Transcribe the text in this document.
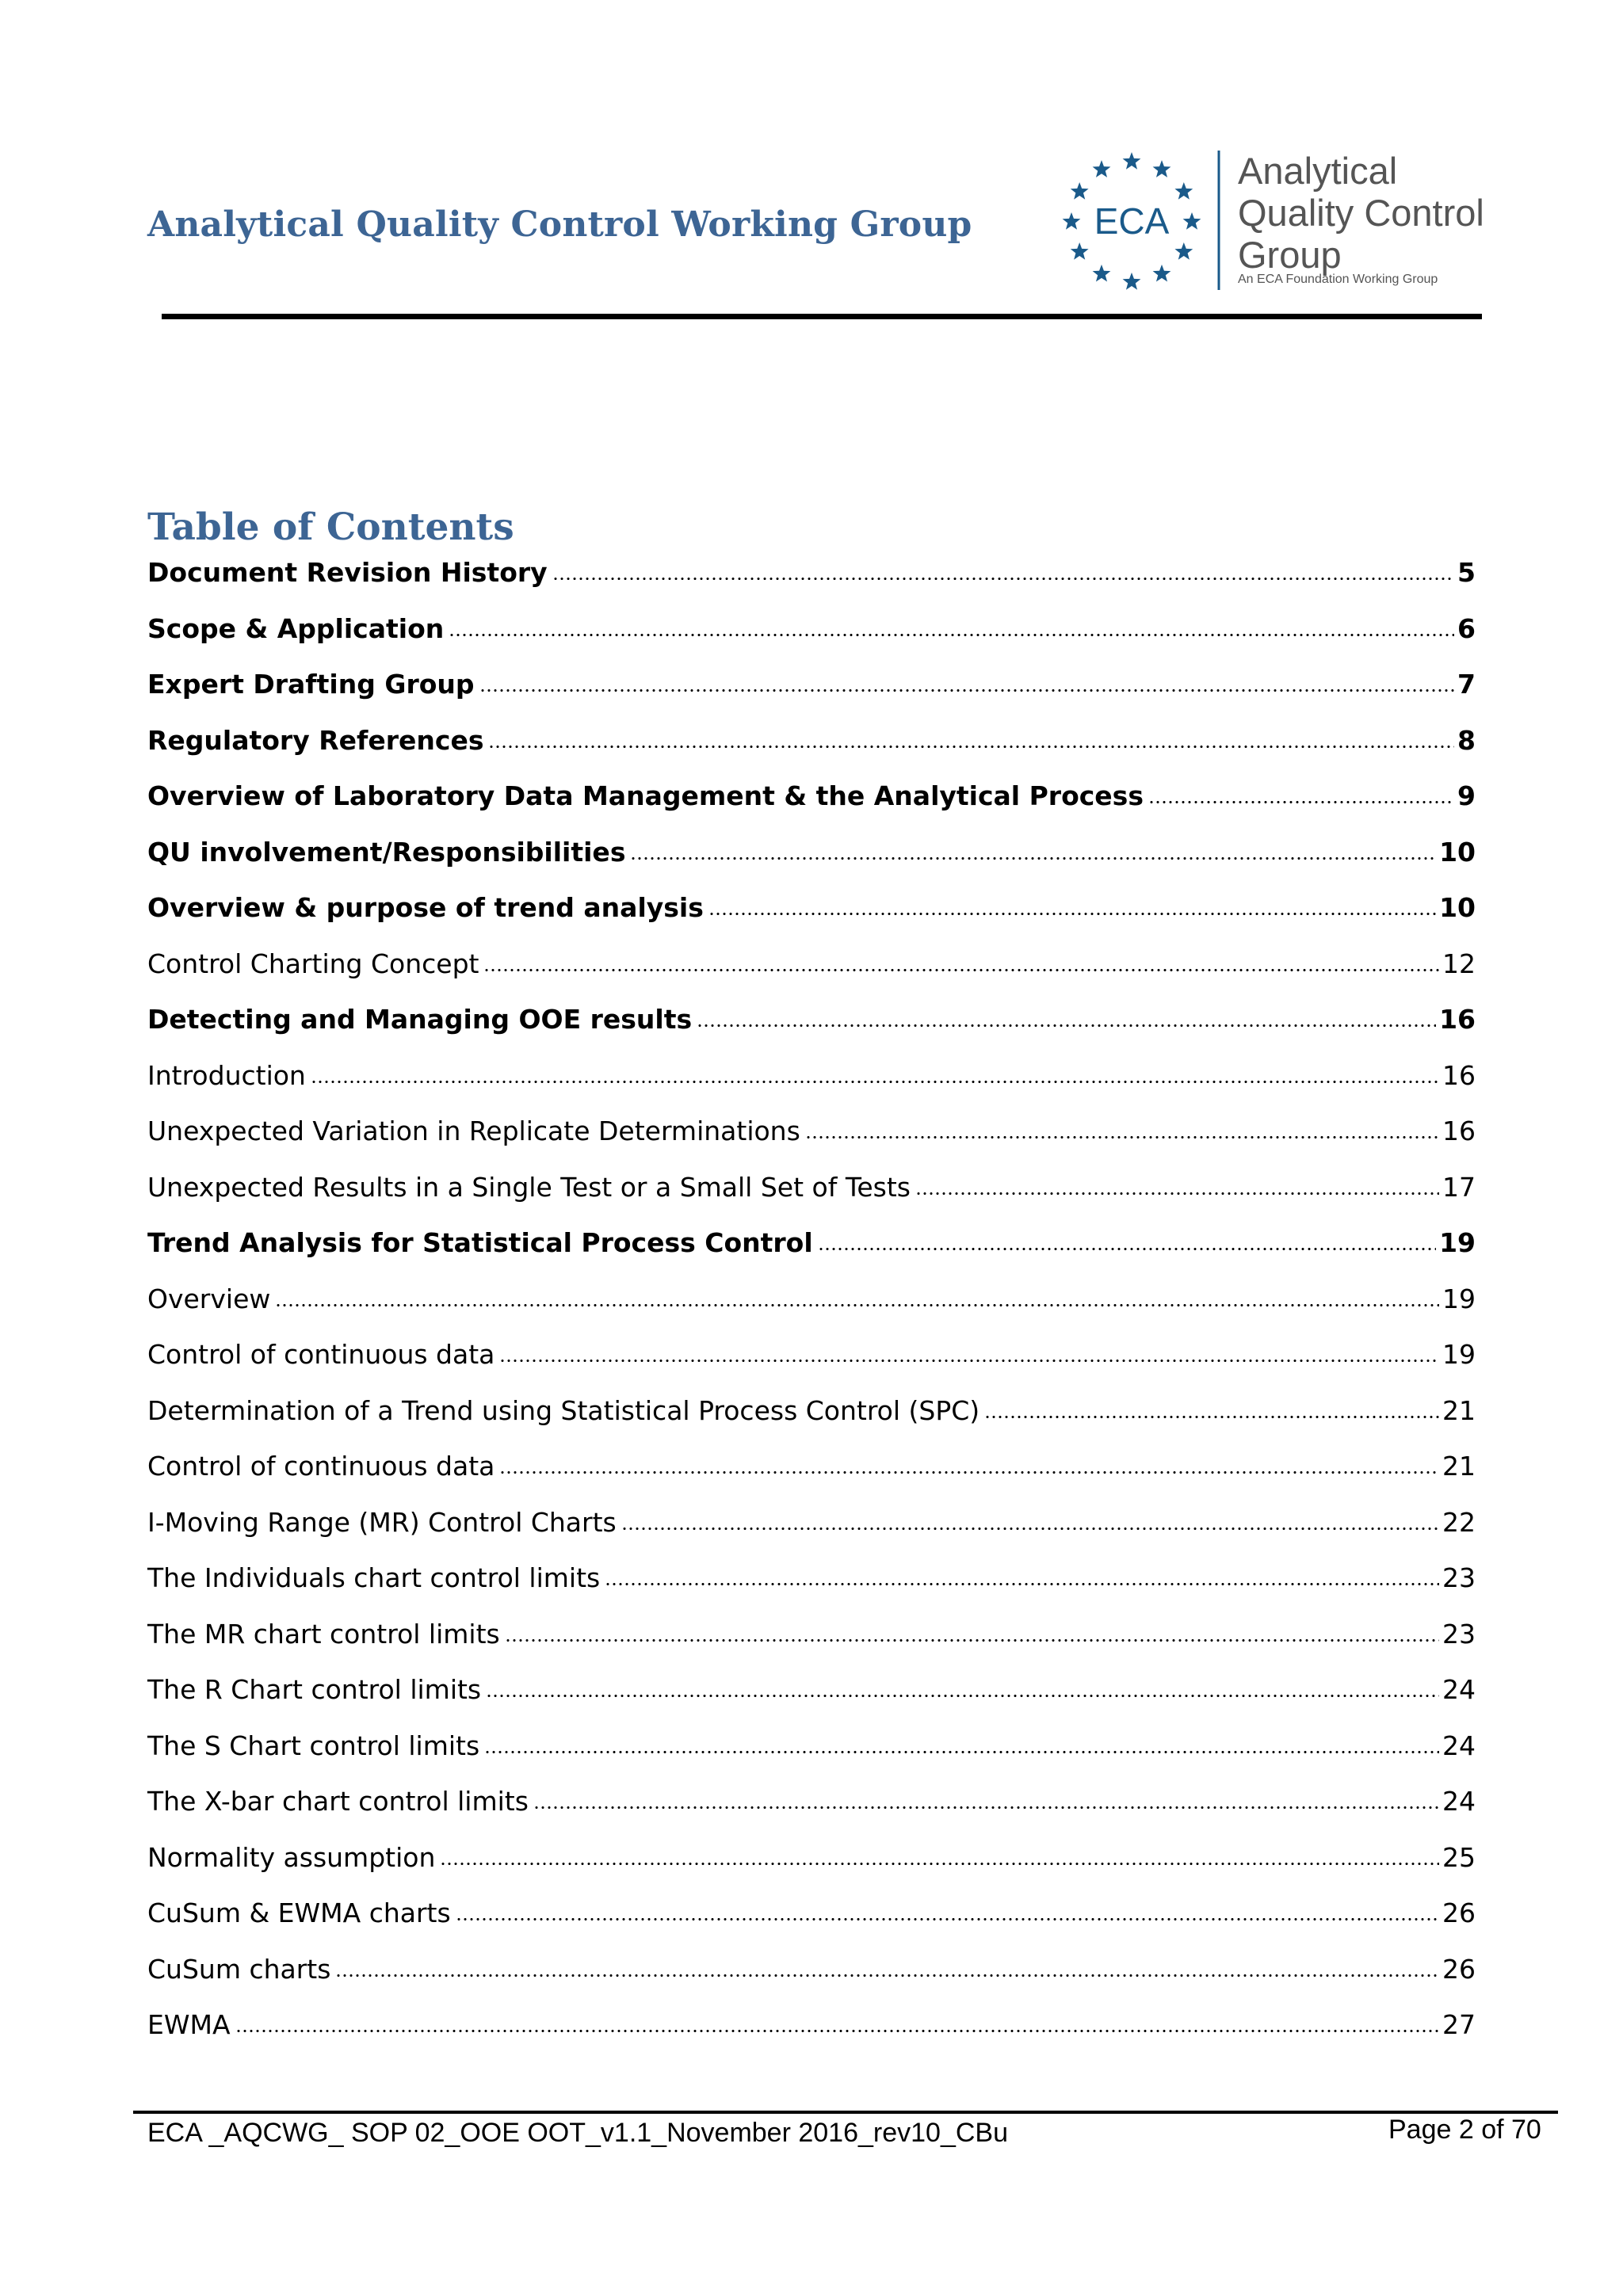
Analytical Quality Control Working Group	ECA
Analytical
Quality Control
Group
An ECA Foundation Working Group
Table of Contents
Document Revision History	5
Scope & Application	6
Expert Drafting Group	7
Regulatory References	8
Overview of Laboratory Data Management & the Analytical Process	9
QU involvement/Responsibilities	10
Overview & purpose of trend analysis	10
Control Charting Concept	12
Detecting and Managing OOE results	16
Introduction	16
Unexpected Variation in Replicate Determinations	16
Unexpected Results in a Single Test or a Small Set of Tests	17
Trend Analysis for Statistical Process Control	19
Overview	19
Control of continuous data	19
Determination of a Trend using Statistical Process Control (SPC)	21
Control of continuous data	21
I-Moving Range (MR) Control Charts	22
The Individuals chart control limits	23
The MR chart control limits	23
The R Chart control limits	24
The S Chart control limits	24
The X-bar chart control limits	24
Normality assumption	25
CuSum & EWMA charts	26
CuSum charts	26
EWMA	27
ECA _AQCWG_ SOP 02_OOE OOT_v1.1_November 2016_rev10_CBu	Page 2 of 70
